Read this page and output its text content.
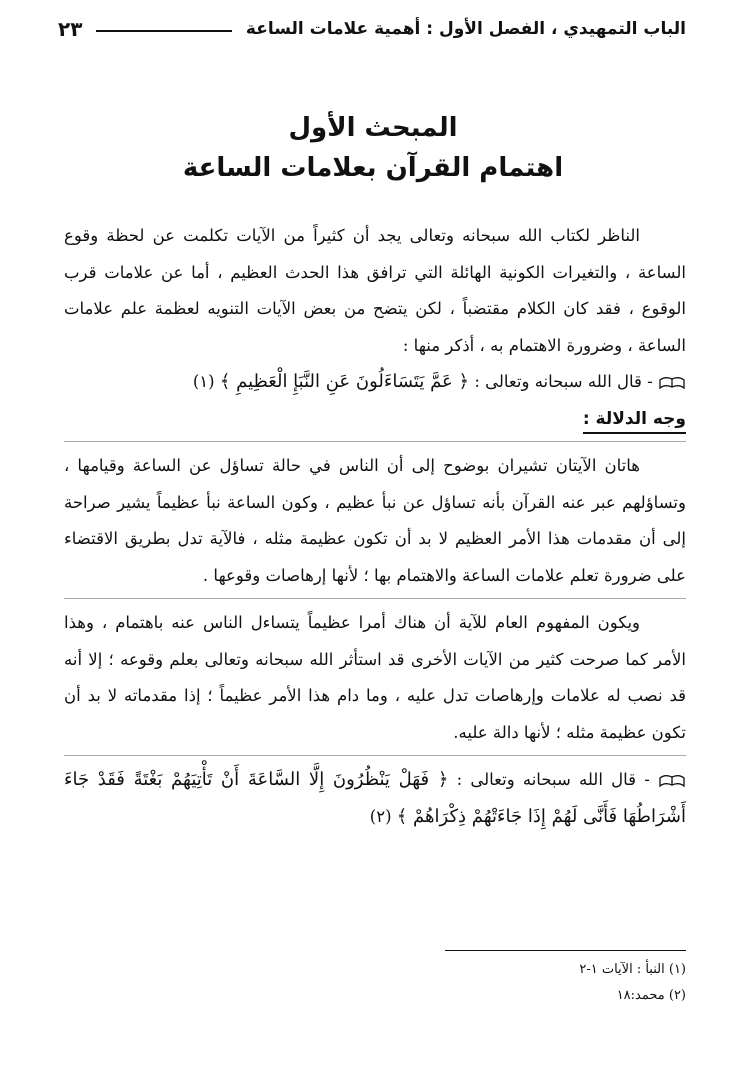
الباب التمهيدي ، الفصل الأول : أهمية علامات الساعة
٢٣
المبحث الأول
اهتمام القرآن بعلامات الساعة

الناظر لكتاب الله سبحانه وتعالى يجد أن كثيراً من الآيات تكلمت عن لحظة وقوع الساعة ، والتغيرات الكونية الهائلة التي ترافق هذا الحدث العظيم ، أما عن علامات قرب الوقوع ، فقد كان الكلام مقتضباً ، لكن يتضح من بعض الآيات التنويه لعظمة علم علامات الساعة ، وضرورة الاهتمام به ، أذكر منها :

- قال الله سبحانه وتعالى : ﴿ عَمَّ يَتَسَاءَلُونَ عَنِ النَّبَإِ الْعَظِيمِ ﴾ (١)

وجه الدلالة :

هاتان الآيتان تشيران بوضوح إلى أن الناس في حالة تساؤل عن الساعة وقيامها ، وتساؤلهم عبر عنه القرآن بأنه تساؤل عن نبأ عظيم ، وكون الساعة نبأ عظيماً يشير صراحة إلى أن مقدمات هذا الأمر العظيم لا بد أن تكون عظيمة مثله ، فالآية تدل بطريق الاقتضاء على ضرورة تعلم علامات الساعة والاهتمام بها ؛ لأنها إرهاصات وقوعها .

ويكون المفهوم العام للآية أن هناك أمرا عظيماً يتساءل الناس عنه باهتمام ، وهذا الأمر كما صرحت كثير من الآيات الأخرى قد استأثر الله سبحانه وتعالى بعلم وقوعه ؛ إلا أنه قد نصب له علامات وإرهاصات تدل عليه ، وما دام هذا الأمر عظيماً ؛ إذا مقدماته لا بد أن تكون عظيمة مثله ؛ لأنها دالة عليه.

- قال الله سبحانه وتعالى : ﴿ فَهَلْ يَنْظُرُونَ إِلَّا السَّاعَةَ أَنْ تَأْتِيَهُمْ بَغْتَةً فَقَدْ جَاءَ أَشْرَاطُهَا فَأَنَّى لَهُمْ إِذَا جَاءَتْهُمْ ذِكْرَاهُمْ ﴾ (٢)

(١) النبأ : الآيات ١-٢
(٢) محمد:١٨
